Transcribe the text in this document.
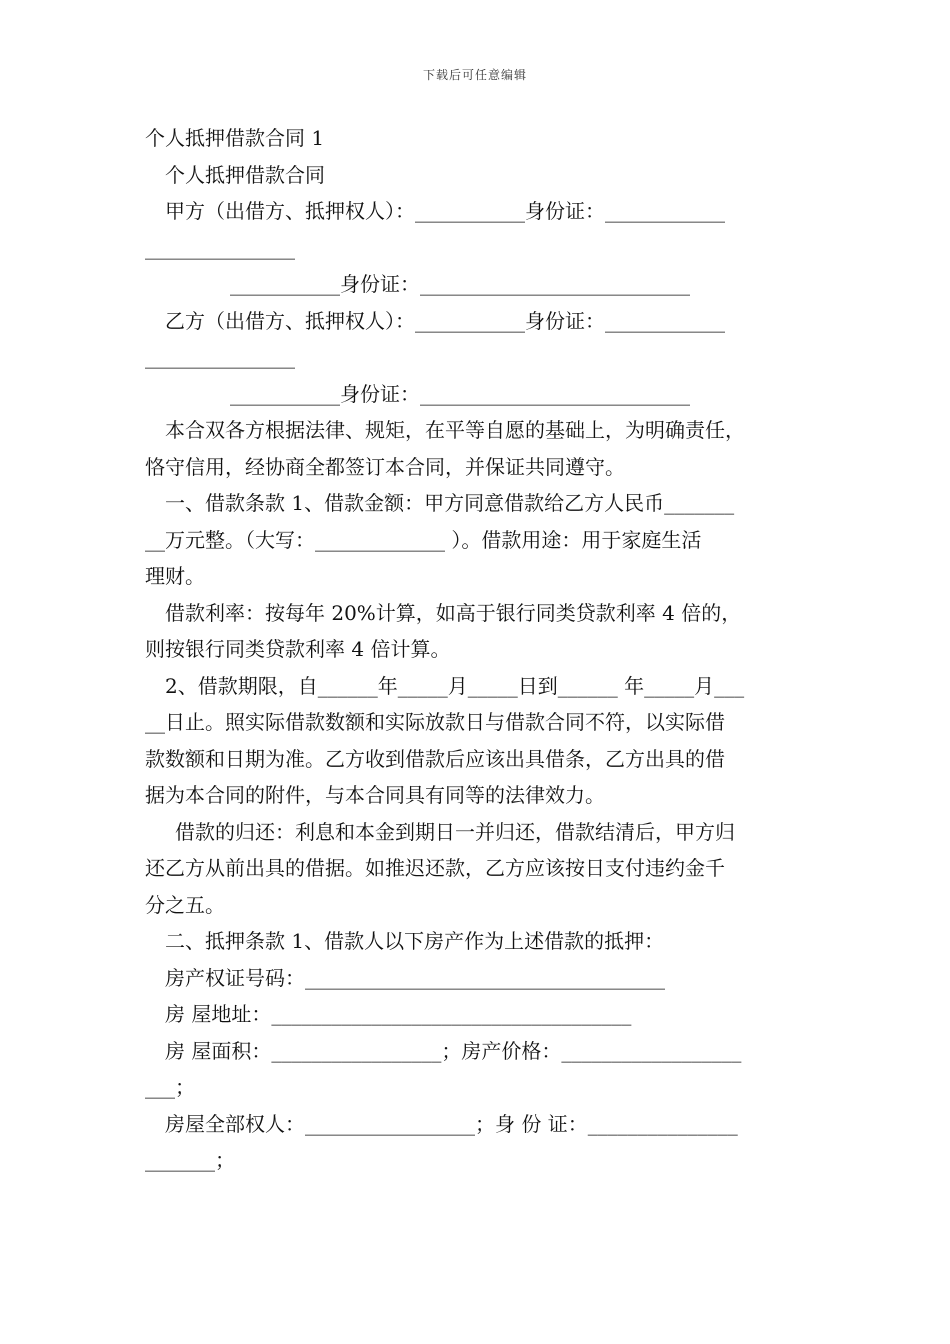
下载后可任意编辑
个人抵押借款合同 1
个人抵押借款合同
甲方（出借方、抵押权人）：___________身份证：____________
_______________
___________身份证：___________________________
乙方（出借方、抵押权人）：___________身份证：____________
_______________
___________身份证：___________________________
本合双各方根据法律、规矩，在平等自愿的基础上，为明确责任，
恪守信用，经协商全都签订本合同，并保证共同遵守。
一、借款条款 1、借款金额：甲方同意借款给乙方人民币_______
__万元整。（大写：_____________ ）。借款用途：用于家庭生活
理财。
借款利率：按每年 20%计算，如高于银行同类贷款利率 4 倍的，
则按银行同类贷款利率 4 倍计算。
2、借款期限，自______年_____月_____日到______ 年_____月___
__日止。照实际借款数额和实际放款日与借款合同不符，以实际借
款数额和日期为准。乙方收到借款后应该出具借条，乙方出具的借
据为本合同的附件，与本合同具有同等的法律效力。
借款的归还：利息和本金到期日一并归还，借款结清后，甲方归
还乙方从前出具的借据。如推迟还款，乙方应该按日支付违约金千
分之五。
二、抵押条款 1、借款人以下房产作为上述借款的抵押：
房产权证号码：____________________________________
房 屋地址：____________________________________
房 屋面积：_________________；房产价格：__________________
___；
房屋全部权人：_________________；身 份 证：_______________
_______；
